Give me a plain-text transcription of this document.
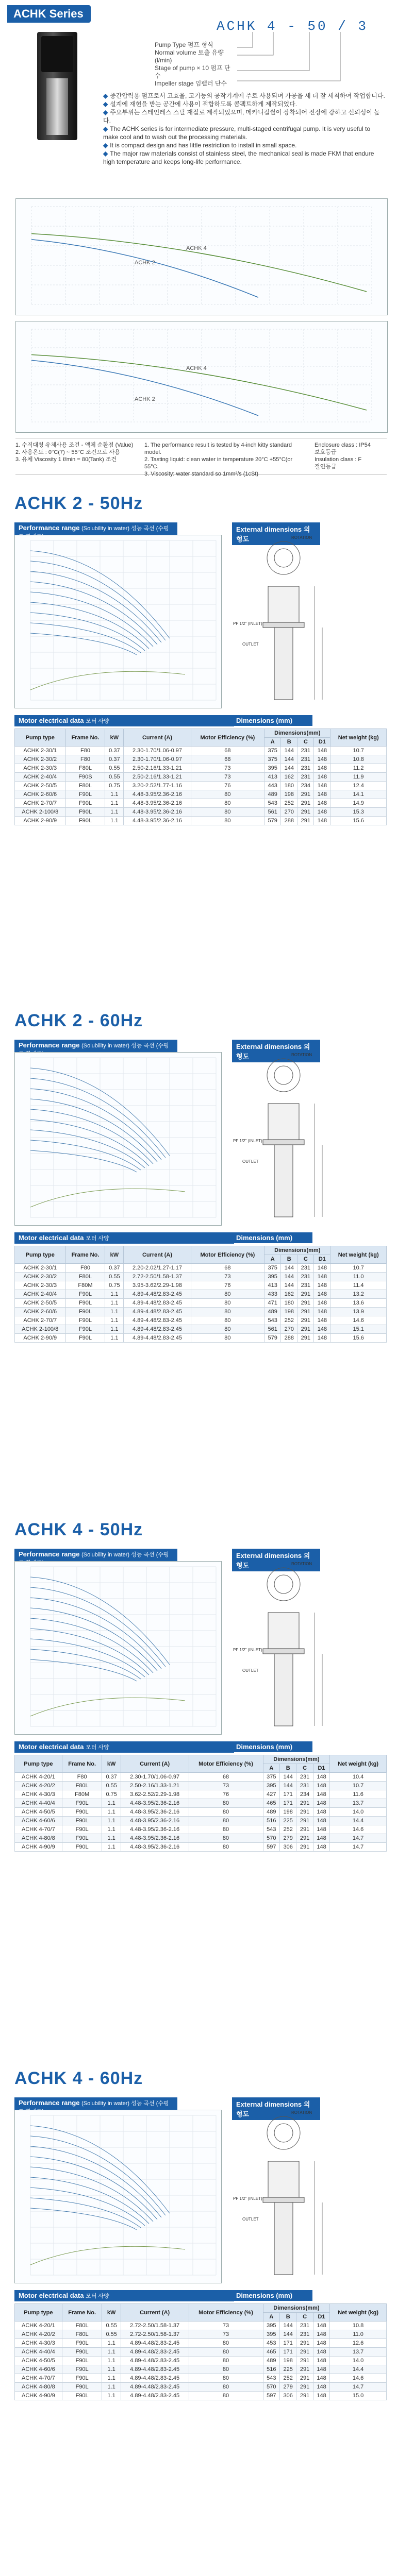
ACHK Series
ACHK 4 - 50 / 3
Pump Type 펌프 형식
Normal volume 토출 유량
(l/min)
Stage of pump × 10 펌프 단수
Impeller stage 임펠러 단수
◆ 중간압력용 펌프로서 고효율, 고기능의 공작기계에 주로 사용되며 가공을 세 더 잘 세척하여 작업합니다.
◆ 설계에 재현을 받는 공간에 사용이 적합하도록 콤팩트하게 제작되었다.
◆ 주요부위는 스테인레스 스틸 재질로 제작되었으며, 메카니컬씰이 장착되어 전장에 강하고 신뢰성이 높다.
◆ The ACHK series is for intermediate pressure, multi-staged centrifugal pump. It is very useful to make cool and to wash out the processing materials.
◆ It is compact design and has little restriction to install in small space.
◆ The major raw materials consist of stainless steel, the mechanical seal is made FKM that endure high temperature and keeps long-life performance.
ACHK 2
ACHK 4
ACHK 2
ACHK 4
1. 수직대칭 유체사용 조건 - 액체 순환점 (Value)
2. 사용온도 : 0°C(7) ~ 55°C 조건으로 사용
3. 유체 Viscosity 1 ℓ/min = 80(Tank) 조건
1. The performance result is tested by 4-inch kitty standard model.
2. Tasting liquid: clean water in temperature 20°C +55°C(or 55°C.
3. Viscosity: water standard so 1mm²/s (1cSt)
Enclosure class : IP54
보호등급
Insulation class : F
절연등급
ACHK 2 - 50Hz
Performance range (Solubility in water) 성능 곡선 (수평	External dimensions 외형도	ROTATION
PF 1/2" (INLET)
OUTLET
Motor electrical data 모터 사양	Dimensions (mm)
Pump type	Frame No.	kW	Current (A)	Motor Efficiency (%)	Dimensions(mm)				Net weight (kg)
					A	B	C	D1	
ACHK 2-30/1	F80	0.37	2.30-1.70/1.06-0.97	68	375	144	231	148	10.7
ACHK 2-30/2	F80	0.37	2.30-1.70/1.06-0.97	68	375	144	231	148	10.8
ACHK 2-30/3	F80L	0.55	2.50-2.16/1.33-1.21	73	395	144	231	148	11.2
ACHK 2-40/4	F90S	0.55	2.50-2.16/1.33-1.21	73	413	162	231	148	11.9
ACHK 2-50/5	F80L	0.75	3.20-2.52/1.77-1.16	76	443	180	234	148	12.4
ACHK 2-60/6	F90L	1.1	4.48-3.95/2.36-2.16	80	489	198	291	148	14.1
ACHK 2-70/7	F90L	1.1	4.48-3.95/2.36-2.16	80	543	252	291	148	14.9
ACHK 2-100/8	F90L	1.1	4.48-3.95/2.36-2.16	80	561	270	291	148	15.3
ACHK 2-90/9	F90L	1.1	4.48-3.95/2.36-2.16	80	579	288	291	148	15.6
ACHK 2 - 60Hz
Performance range (Solubility in water) 성능 곡선 (수평	External dimensions 외형도	ROTATION
PF 1/2" (INLET)
OUTLET
Motor electrical data 모터 사양	Dimensions (mm)
Pump type	Frame No.	kW	Current (A)	Motor Efficiency (%)	Dimensions(mm)				Net weight (kg)
					A	B	C	D1	
ACHK 2-30/1	F80	0.37	2.20-2.02/1.27-1.17	68	375	144	231	148	10.7
ACHK 2-30/2	F80L	0.55	2.72-2.50/1.58-1.37	73	395	144	231	148	11.0
ACHK 2-30/3	F80M	0.75	3.95-3.62/2.29-1.98	76	413	144	231	148	11.4
ACHK 2-40/4	F90L	1.1	4.89-4.48/2.83-2.45	80	433	162	291	148	13.2
ACHK 2-50/5	F90L	1.1	4.89-4.48/2.83-2.45	80	471	180	291	148	13.6
ACHK 2-60/6	F90L	1.1	4.89-4.48/2.83-2.45	80	489	198	291	148	13.9
ACHK 2-70/7	F90L	1.1	4.89-4.48/2.83-2.45	80	543	252	291	148	14.6
ACHK 2-100/8	F90L	1.1	4.89-4.48/2.83-2.45	80	561	270	291	148	15.1
ACHK 2-90/9	F90L	1.1	4.89-4.48/2.83-2.45	80	579	288	291	148	15.6
ACHK 4 - 50Hz
Performance range (Solubility in water) 성능 곡선 (수평	External dimensions 외형도	ROTATION
PF 1/2" (INLET)
OUTLET
Motor electrical data 모터 사양	Dimensions (mm)
Pump type	Frame No.	kW	Current (A)	Motor Efficiency (%)	Dimensions(mm)				Net weight (kg)
					A	B	C	D1	
ACHK 4-20/1	F80	0.37	2.30-1.70/1.06-0.97	68	375	144	231	148	10.4
ACHK 4-20/2	F80L	0.55	2.50-2.16/1.33-1.21	73	395	144	231	148	10.7
ACHK 4-30/3	F80M	0.75	3.62-2.52/2.29-1.98	76	427	171	234	148	11.6
ACHK 4-40/4	F90L	1.1	4.48-3.95/2.36-2.16	80	465	171	291	148	13.7
ACHK 4-50/5	F90L	1.1	4.48-3.95/2.36-2.16	80	489	198	291	148	14.0
ACHK 4-60/6	F90L	1.1	4.48-3.95/2.36-2.16	80	516	225	291	148	14.4
ACHK 4-70/7	F90L	1.1	4.48-3.95/2.36-2.16	80	543	252	291	148	14.6
ACHK 4-80/8	F90L	1.1	4.48-3.95/2.36-2.16	80	570	279	291	148	14.7
ACHK 4-90/9	F90L	1.1	4.48-3.95/2.36-2.16	80	597	306	291	148	14.7
ACHK 4 - 60Hz
Performance range (Solubility in water) 성능 곡선 (수평	External dimensions 외형도	ROTATION
PF 1/2" (INLET)
OUTLET
Motor electrical data 모터 사양	Dimensions (mm)
Pump type	Frame No.	kW	Current (A)	Motor Efficiency (%)	Dimensions(mm)				Net weight (kg)
					A	B	C	D1	
ACHK 4-20/1	F80L	0.55	2.72-2.50/1.58-1.37	73	395	144	231	148	10.8
ACHK 4-20/2	F80L	0.55	2.72-2.50/1.58-1.37	73	395	144	231	148	11.0
ACHK 4-30/3	F90L	1.1	4.89-4.48/2.83-2.45	80	453	171	291	148	12.6
ACHK 4-40/4	F90L	1.1	4.89-4.48/2.83-2.45	80	465	171	291	148	13.7
ACHK 4-50/5	F90L	1.1	4.89-4.48/2.83-2.45	80	489	198	291	148	14.0
ACHK 4-60/6	F90L	1.1	4.89-4.48/2.83-2.45	80	516	225	291	148	14.4
ACHK 4-70/7	F90L	1.1	4.89-4.48/2.83-2.45	80	543	252	291	148	14.6
ACHK 4-80/8	F90L	1.1	4.89-4.48/2.83-2.45	80	570	279	291	148	14.7
ACHK 4-90/9	F90L	1.1	4.89-4.48/2.83-2.45	80	597	306	291	148	15.0
